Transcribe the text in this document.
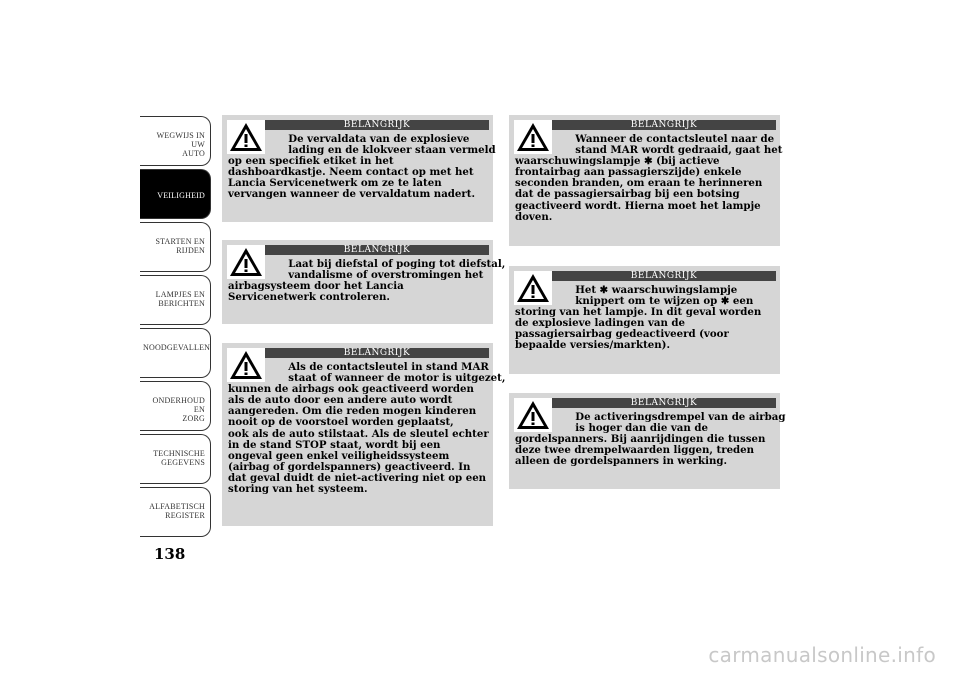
WEGWIJS IN UW
AUTO
VEILIGHEID
STARTEN EN
RIJDEN
LAMPJES EN
BERICHTEN
NOODGEVALLEN
ONDERHOUD EN
ZORG
TECHNISCHE
GEGEVENS
ALFABETISCH
REGISTER
138
BELANGRIJK
De vervaldata van de explosieve
lading en de klokveer staan vermeld
op een specifiek etiket in het
dashboardkastje. Neem contact op met het
Lancia Servicenetwerk om ze te laten
vervangen wanneer de vervaldatum nadert.
BELANGRIJK
Laat bij diefstal of poging tot diefstal,
vandalisme of overstromingen het
airbagsysteem door het Lancia
Servicenetwerk controleren.
BELANGRIJK
Als de contactsleutel in stand MAR
staat of wanneer de motor is uitgezet,
kunnen de airbags ook geactiveerd worden
als de auto door een andere auto wordt
aangereden. Om die reden mogen kinderen
nooit op de voorstoel worden geplaatst,
ook als de auto stilstaat. Als de sleutel echter
in de stand STOP staat, wordt bij een
ongeval geen enkel veiligheidssysteem
(airbag of gordelspanners) geactiveerd. In
dat geval duidt de niet-activering niet op een
storing van het systeem.
BELANGRIJK
Wanneer de contactsleutel naar de
stand MAR wordt gedraaid, gaat het
waarschuwingslampje ✱ (bij actieve
frontairbag aan passagierszijde) enkele
seconden branden, om eraan te herinneren
dat de passagiersairbag bij een botsing
geactiveerd wordt. Hierna moet het lampje
doven.
BELANGRIJK
Het ✱ waarschuwingslampje
knippert om te wijzen op ✱ een
storing van het lampje. In dit geval worden
de explosieve ladingen van de
passagiersairbag gedeactiveerd (voor
bepaalde versies/markten).
BELANGRIJK
De activeringsdrempel van de airbag
is hoger dan die van de
gordelspanners. Bij aanrijdingen die tussen
deze twee drempelwaarden liggen, treden
alleen de gordelspanners in werking.
carmanualsonline.info
